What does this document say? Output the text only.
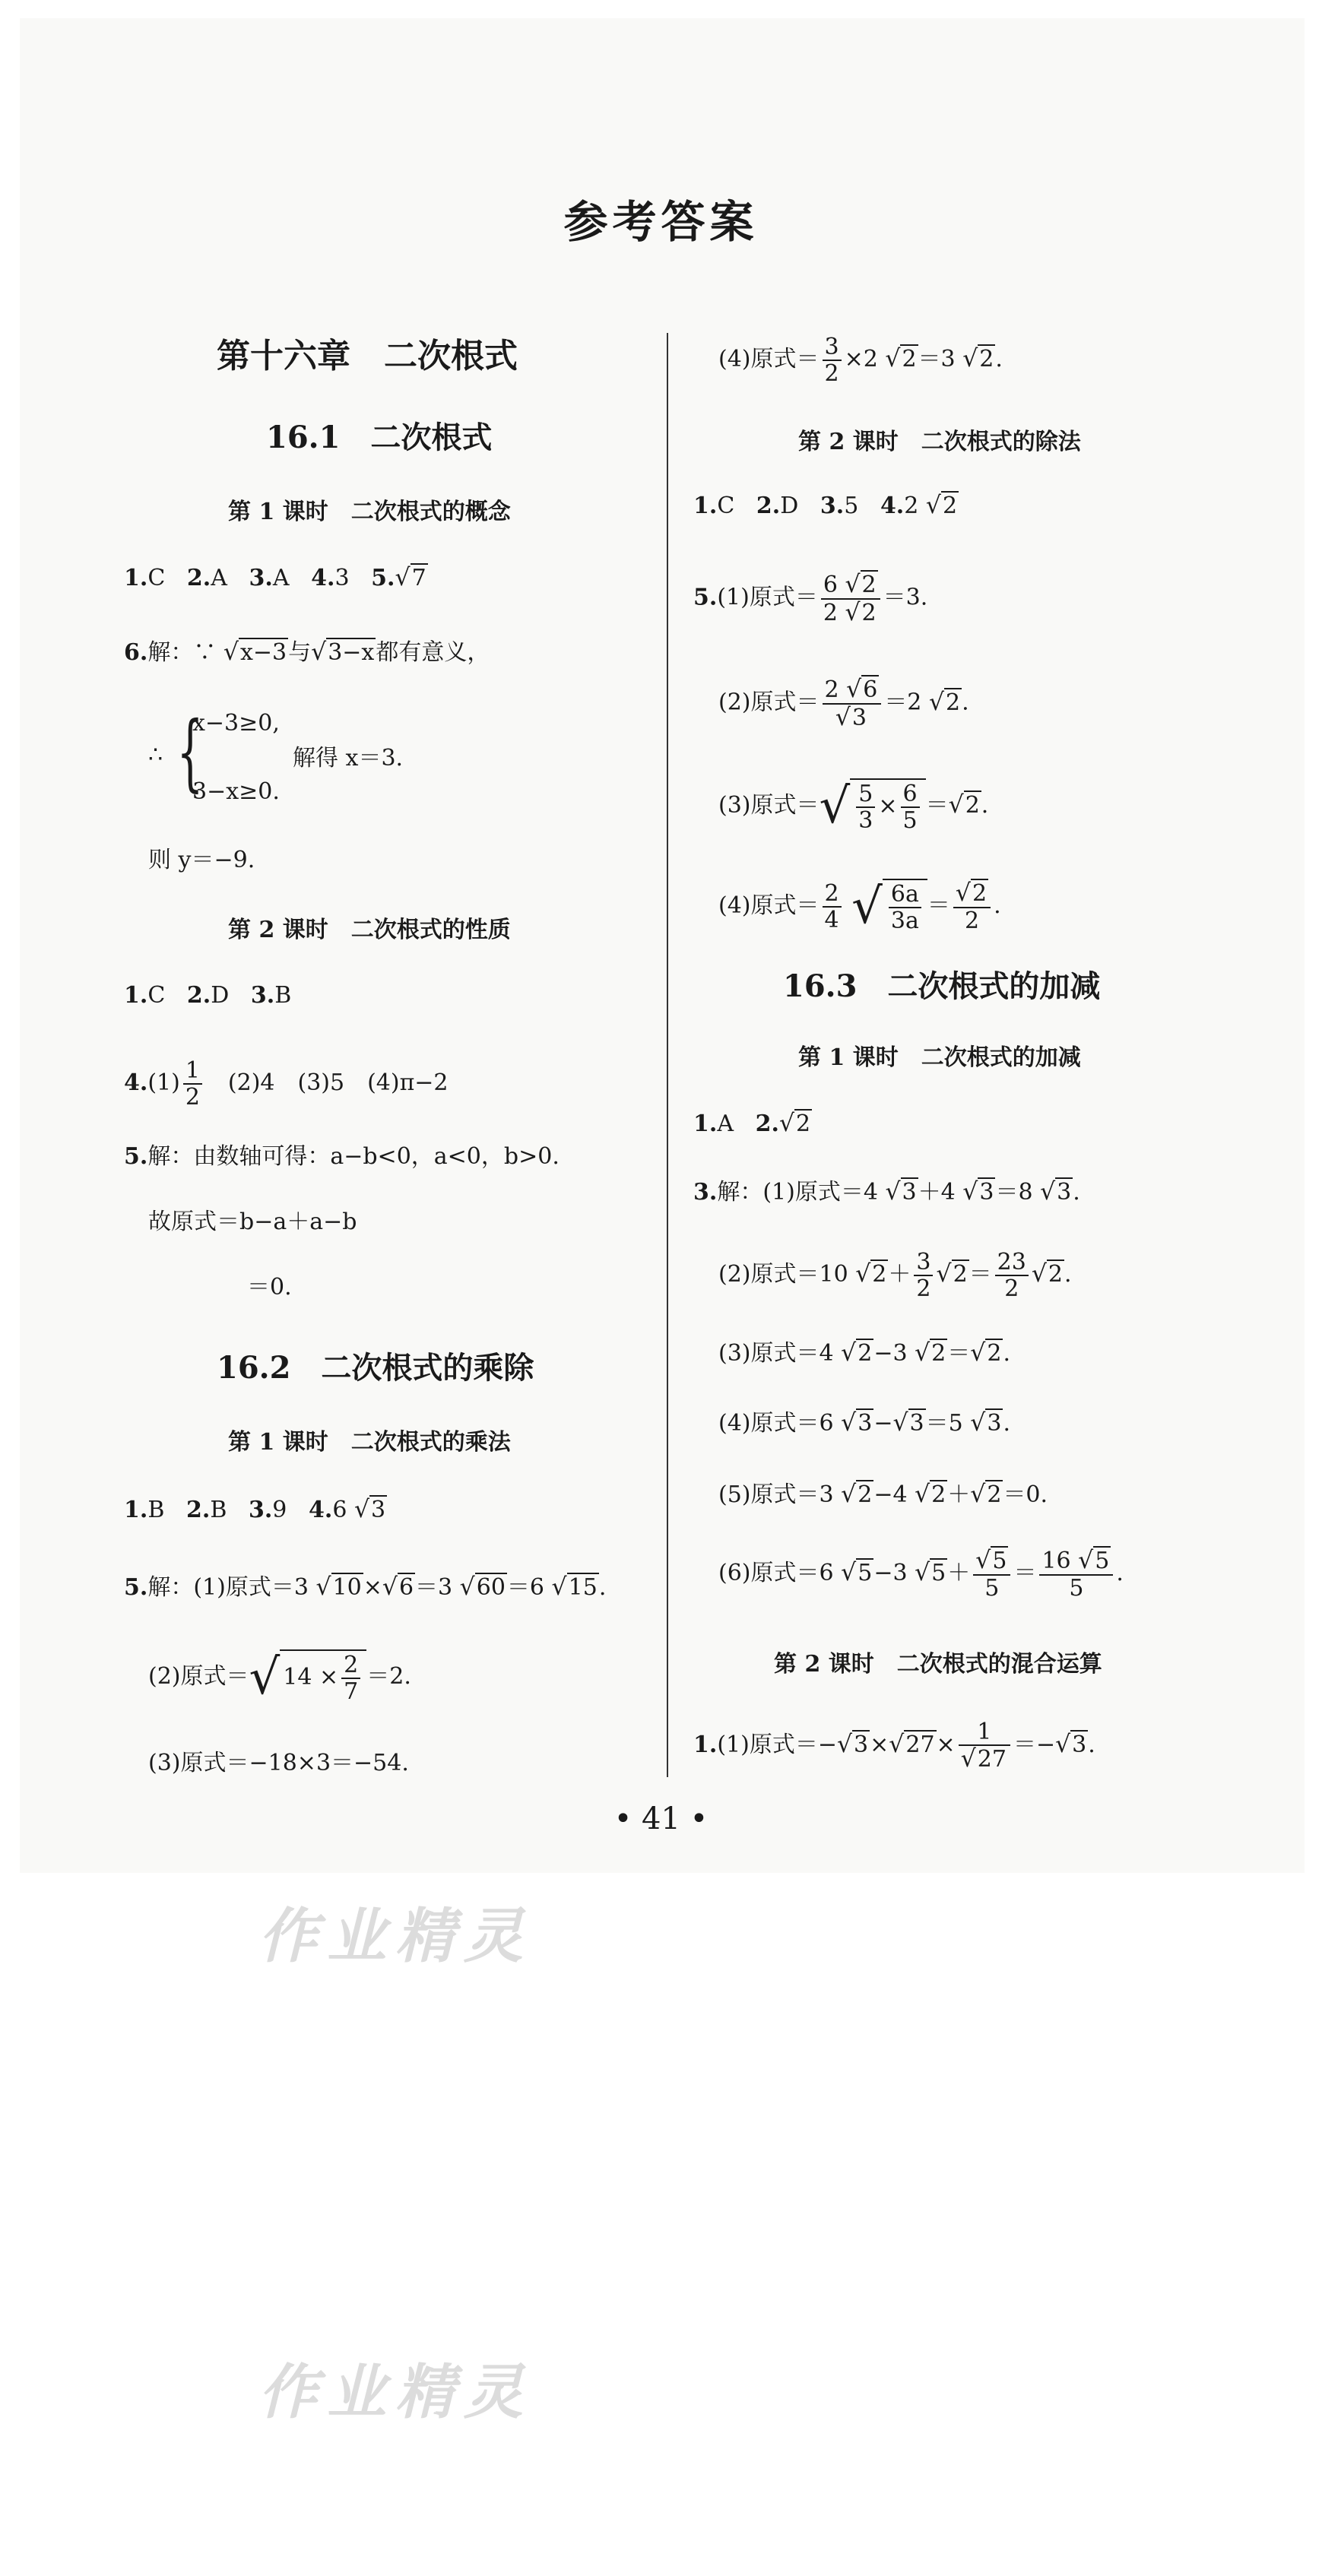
参考答案
第十六章　二次根式
16.1　二次根式
第 1 课时　二次根式的概念
1.C 2.A 3.A 4.3 5.√7
6.解：∵ √x−3与√3−x都有意义，
∴ {
x−3≥0,
3−x≥0.
解得 x＝3.
则 y＝−9.
第 2 课时　二次根式的性质
1.C 2.D 3.B
$4.(1) \frac{1}{2}$ 　(2)4　(3)5　(4)π−2
5.解：由数轴可得：a−b<0，a<0，b>0.
故原式＝b−a＋a−b
＝0.
16.2　二次根式的乘除
第 1 课时　二次根式的乘法
1.B 2.B 3.9 4.6 √3
5.解：(1)原式＝3 √10×√6＝3 √60＝6 √15.
(2)原式＝√ $14 \times \frac{2}{7} =2$.
(3)原式＝−18×3＝−54.
(4)原式＝ $\frac{3}{2} \times 2$ √2＝3 √2.
第 2 课时　二次根式的除法
1.C 2.D 3.5 4.2 √2
5.(1)原式＝ $\frac{6 √2}{2 √2} =3$.
(2)原式＝ $\frac{2 √6}{√3} =2$ √2.
(3)原式＝√ $\frac{5}{3} \times \frac{6}{5} =√2$.
(4)原式＝ $\frac{2}{4}$ √ $\frac{6a}{3a} = \frac{√2}{2}$ .
16.3　二次根式的加减
第 1 课时　二次根式的加减
1.A 2.√2
3.解：(1)原式＝4 √3＋4 √3＝8 √3.
(2)原式＝10 $√2+ \frac{3}{2} √2= \frac{23}{2} √2$.
(3)原式＝4 √2−3 √2＝√2.
(4)原式＝6 √3−√3＝5 √3.
(5)原式＝3 √2−4 √2＋√2＝0.
(6)原式＝6 √5−3 $√5+ \frac{√5}{5} = \frac{16 √5}{5}$ .
第 2 课时　二次根式的混合运算
1.(1)原式$=-√3\times√27\times \frac{1}{√27} =-√3$.
• 41 •
作业精灵
作业精灵
